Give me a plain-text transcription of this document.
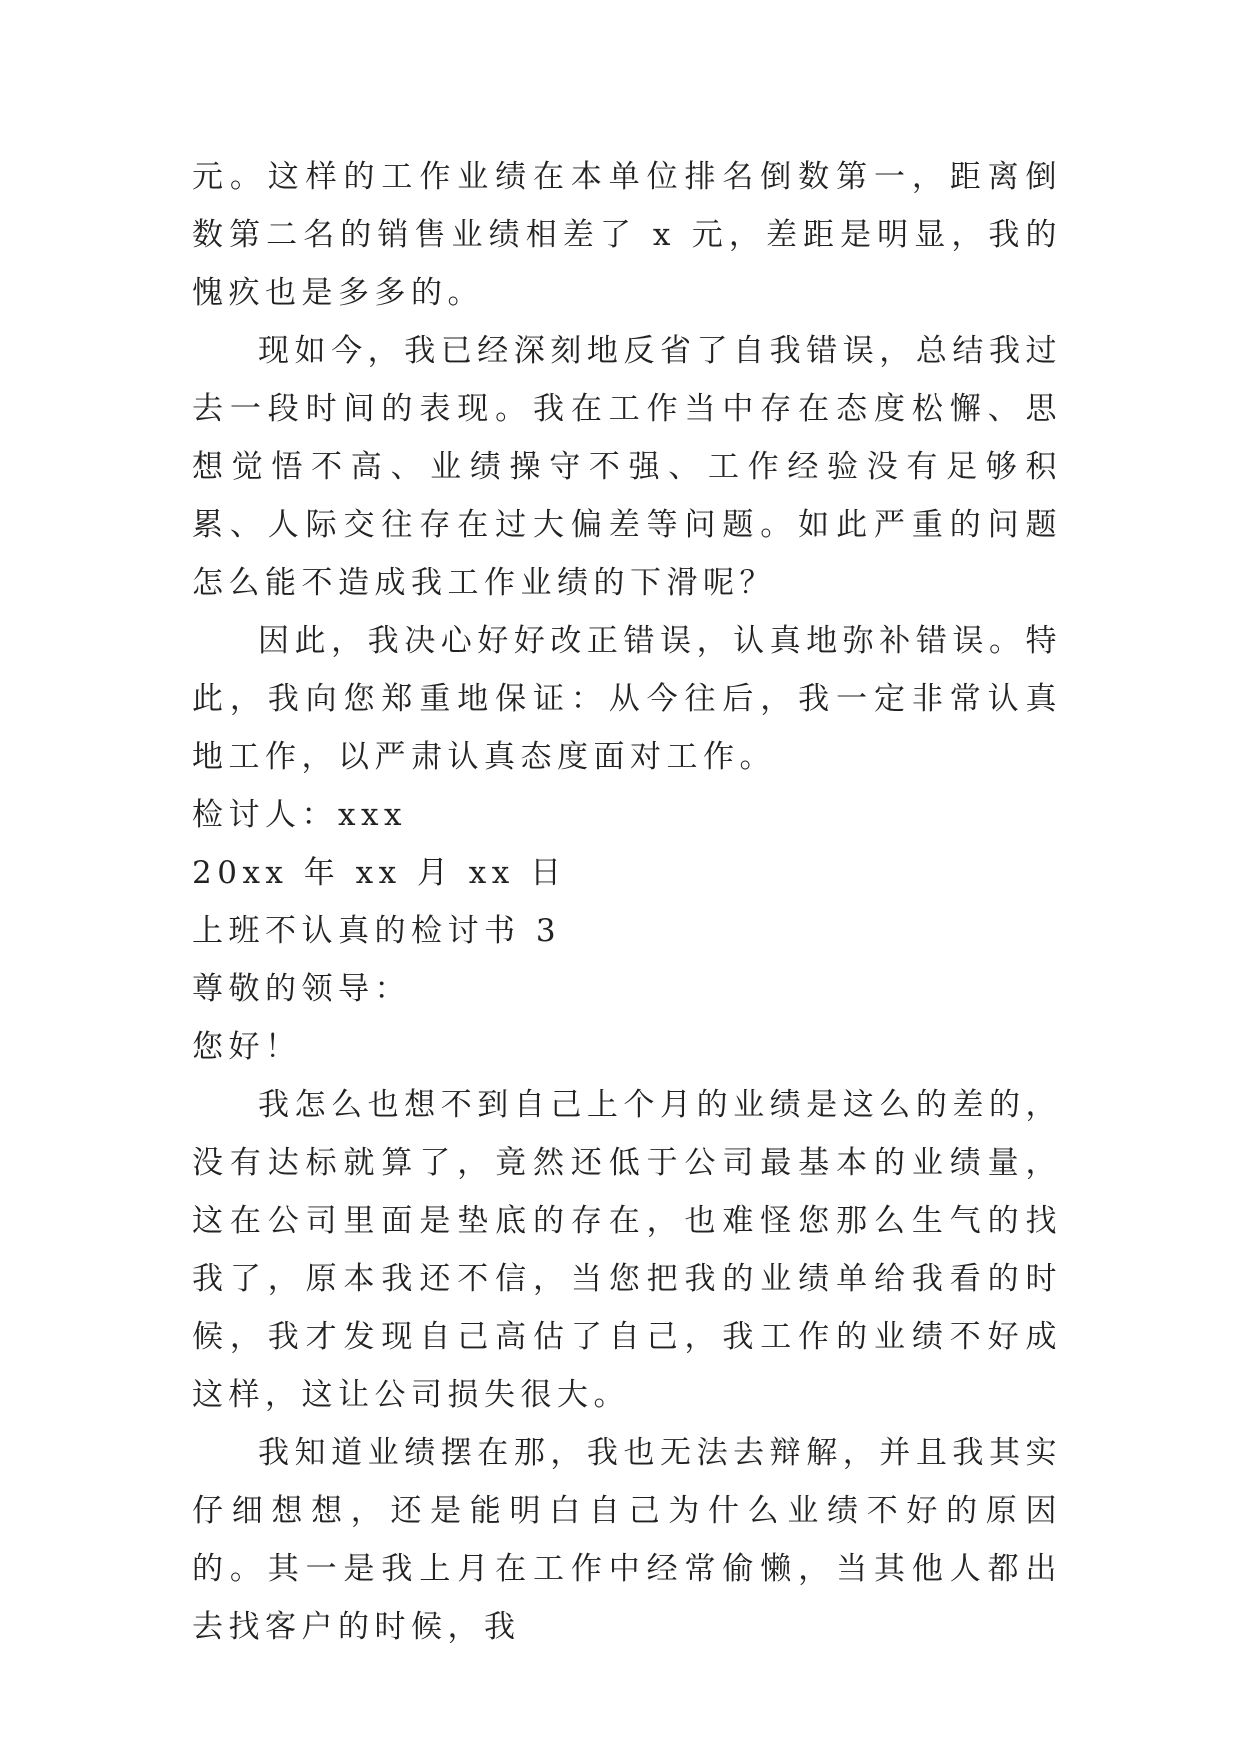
元。这样的工作业绩在本单位排名倒数第一，距离倒数第二名的销售业绩相差了 x 元，差距是明显，我的愧疚也是多多的。

现如今，我已经深刻地反省了自我错误，总结我过去一段时间的表现。我在工作当中存在态度松懈、思想觉悟不高、业绩操守不强、工作经验没有足够积累、人际交往存在过大偏差等问题。如此严重的问题怎么能不造成我工作业绩的下滑呢？

因此，我决心好好改正错误，认真地弥补错误。特此，我向您郑重地保证：从今往后，我一定非常认真地工作，以严肃认真态度面对工作。

检讨人：xxx

20xx 年 xx 月 xx 日

上班不认真的检讨书 3

尊敬的领导：

您好！

我怎么也想不到自己上个月的业绩是这么的差的，没有达标就算了，竟然还低于公司最基本的业绩量，这在公司里面是垫底的存在，也难怪您那么生气的找我了，原本我还不信，当您把我的业绩单给我看的时候，我才发现自己高估了自己，我工作的业绩不好成这样，这让公司损失很大。

我知道业绩摆在那，我也无法去辩解，并且我其实仔细想想，还是能明白自己为什么业绩不好的原因的。其一是我上月在工作中经常偷懒，当其他人都出去找客户的时候，我
